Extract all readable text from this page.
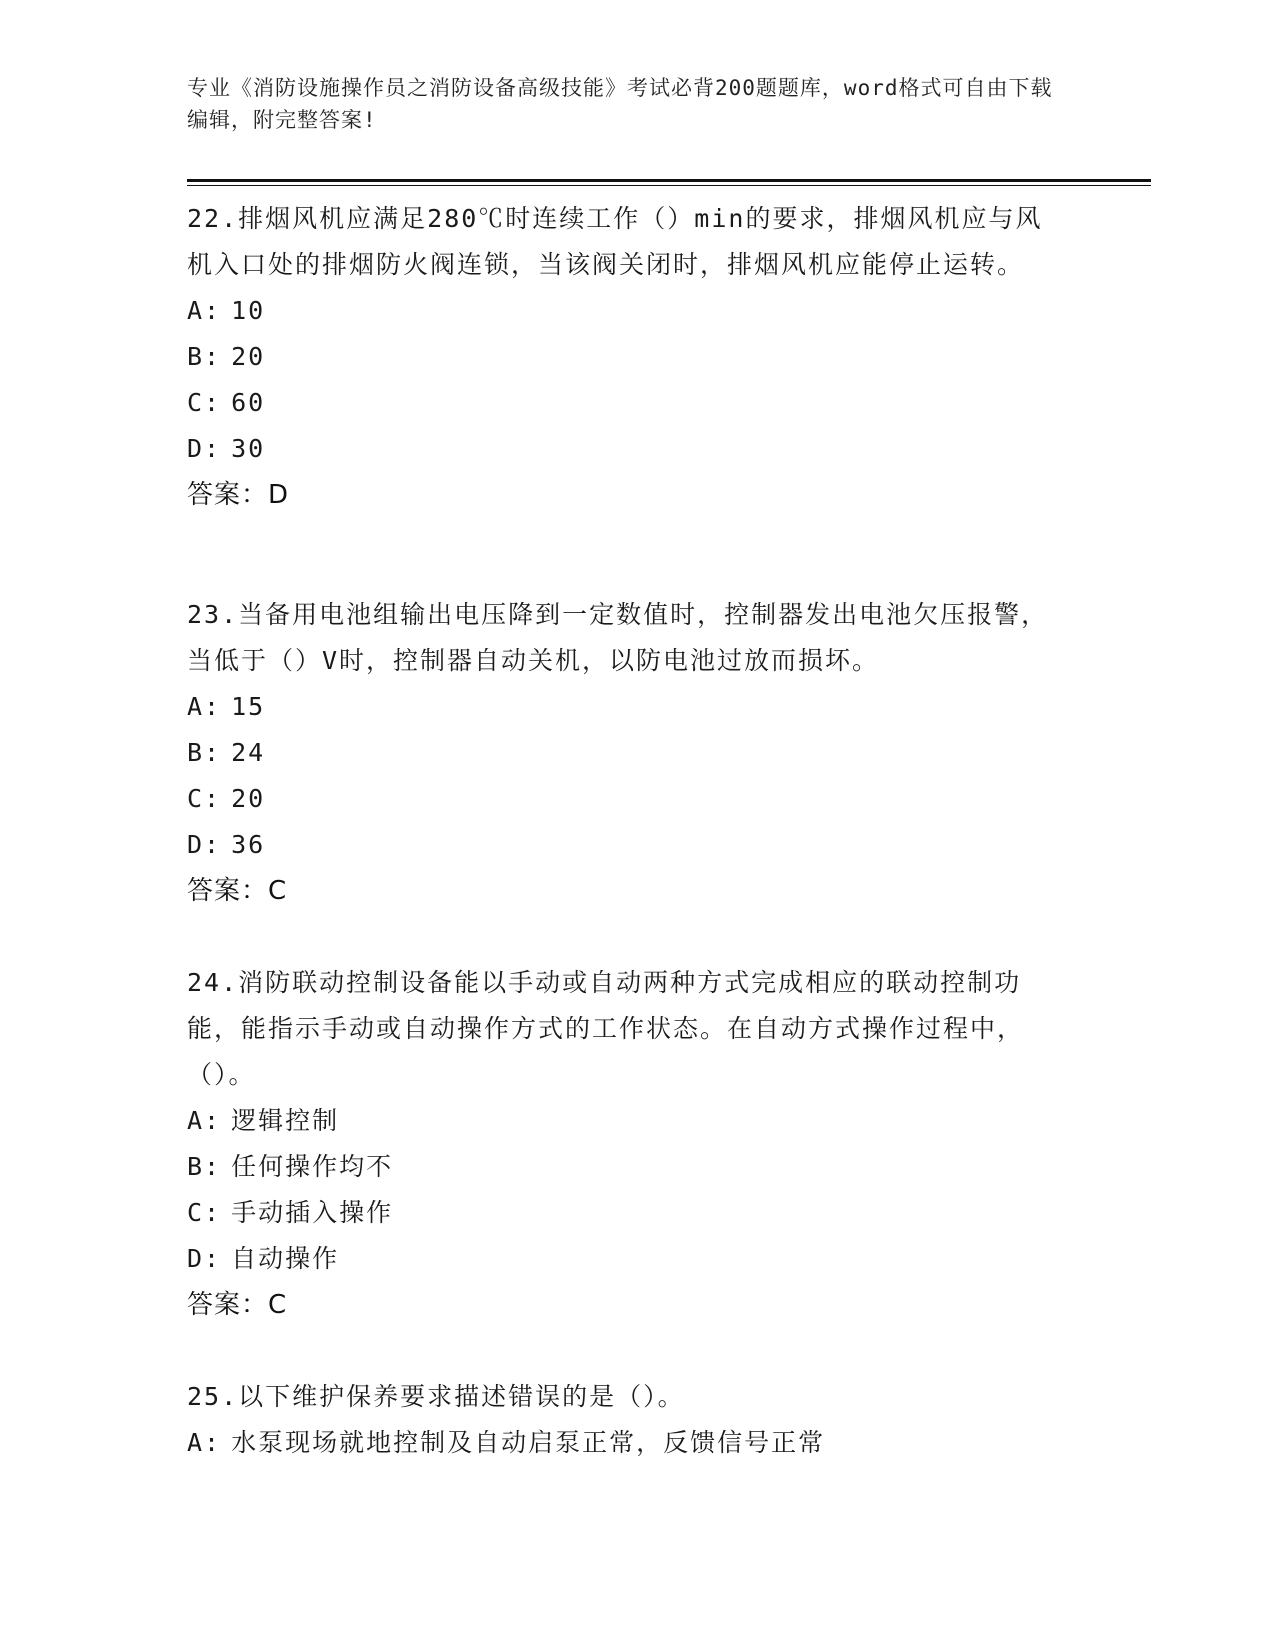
专业《消防设施操作员之消防设备高级技能》考试必背200题题库，word格式可自由下载编辑，附完整答案!
22.排烟风机应满足280℃时连续工作（）min的要求，排烟风机应与风机入口处的排烟防火阀连锁，当该阀关闭时，排烟风机应能停止运转。
A: 10
B: 20
C: 60
D: 30
答案：D
23.当备用电池组输出电压降到一定数值时，控制器发出电池欠压报警，当低于（）V时，控制器自动关机，以防电池过放而损坏。
A: 15
B: 24
C: 20
D: 36
答案：C
24.消防联动控制设备能以手动或自动两种方式完成相应的联动控制功能，能指示手动或自动操作方式的工作状态。在自动方式操作过程中，（）。
A: 逻辑控制
B: 任何操作均不
C: 手动插入操作
D: 自动操作
答案：C
25.以下维护保养要求描述错误的是（）。
A: 水泵现场就地控制及自动启泵正常，反馈信号正常
